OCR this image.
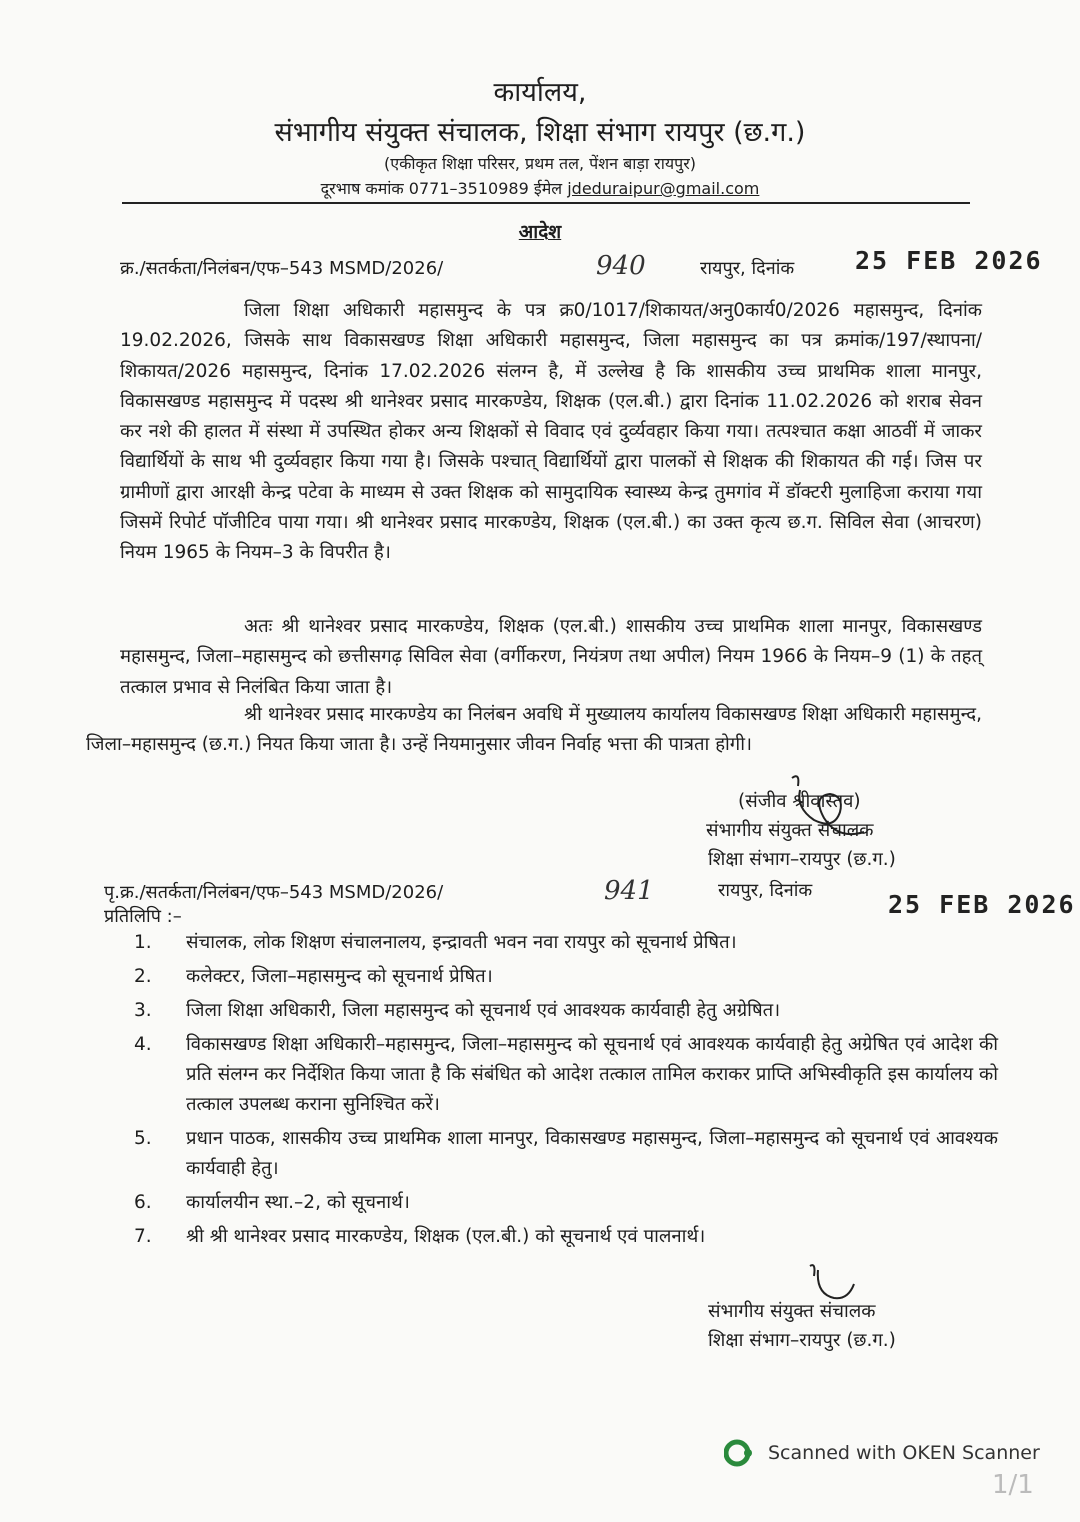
कार्यालय,
संभागीय संयुक्त संचालक, शिक्षा संभाग रायपुर (छ.ग.)
(एकीकृत शिक्षा परिसर, प्रथम तल, पेंशन बाड़ा रायपुर)
दूरभाष कमांक 0771–3510989 ईमेल jdeduraipur@gmail.com
आदेश
क्र./सतर्कता/निलंबन/एफ–543 MSMD/2026/	940	रायपुर, दिनांक 25 FEB 2026
जिला शिक्षा अधिकारी महासमुन्द के पत्र क्र0/1017/शिकायत/अनु0कार्य0/2026 महासमुन्द, दिनांक 19.02.2026, जिसके साथ विकासखण्ड शिक्षा अधिकारी महासमुन्द, जिला महासमुन्द का पत्र क्रमांक/197/स्थापना/शिकायत/2026 महासमुन्द, दिनांक 17.02.2026 संलग्न है, में उल्लेख है कि शासकीय उच्च प्राथमिक शाला मानपुर, विकासखण्ड महासमुन्द में पदस्थ श्री थानेश्वर प्रसाद मारकण्डेय, शिक्षक (एल.बी.) द्वारा दिनांक 11.02.2026 को शराब सेवन कर नशे की हालत में संस्था में उपस्थित होकर अन्य शिक्षकों से विवाद एवं दुर्व्यवहार किया गया। तत्पश्चात कक्षा आठवीं में जाकर विद्यार्थियों के साथ भी दुर्व्यवहार किया गया है। जिसके पश्चात् विद्यार्थियों द्वारा पालकों से शिक्षक की शिकायत की गई। जिस पर ग्रामीणों द्वारा आरक्षी केन्द्र पटेवा के माध्यम से उक्त शिक्षक को सामुदायिक स्वास्थ्य केन्द्र तुमगांव में डॉक्टरी मुलाहिजा कराया गया जिसमें रिपोर्ट पॉजीटिव पाया गया। श्री थानेश्वर प्रसाद मारकण्डेय, शिक्षक (एल.बी.) का उक्त कृत्य छ.ग. सिविल सेवा (आचरण) नियम 1965 के नियम–3 के विपरीत है।
अतः श्री थानेश्वर प्रसाद मारकण्डेय, शिक्षक (एल.बी.) शासकीय उच्च प्राथमिक शाला मानपुर, विकासखण्ड महासमुन्द, जिला–महासमुन्द को छत्तीसगढ़ सिविल सेवा (वर्गीकरण, नियंत्रण तथा अपील) नियम 1966 के नियम–9 (1) के तहत् तत्काल प्रभाव से निलंबित किया जाता है।
श्री थानेश्वर प्रसाद मारकण्डेय का निलंबन अवधि में मुख्यालय कार्यालय विकासखण्ड शिक्षा अधिकारी महासमुन्द, जिला–महासमुन्द (छ.ग.) नियत किया जाता है। उन्हें नियमानुसार जीवन निर्वाह भत्ता की पात्रता होगी।
(संजीव श्रीवास्तव)
संभागीय संयुक्त संचालक
शिक्षा संभाग–रायपुर (छ.ग.)
पृ.क्र./सतर्कता/निलंबन/एफ–543 MSMD/2026/	941	रायपुर, दिनांक	25 FEB 2026
प्रतिलिपि :–
1.	संचालक, लोक शिक्षण संचालनालय, इन्द्रावती भवन नवा रायपुर को सूचनार्थ प्रेषित।
2.	कलेक्टर, जिला–महासमुन्द को सूचनार्थ प्रेषित।
3.	जिला शिक्षा अधिकारी, जिला महासमुन्द को सूचनार्थ एवं आवश्यक कार्यवाही हेतु अग्रेषित।
4.	विकासखण्ड शिक्षा अधिकारी–महासमुन्द, जिला–महासमुन्द को सूचनार्थ एवं आवश्यक कार्यवाही हेतु अग्रेषित एवं आदेश की प्रति संलग्न कर निर्देशित किया जाता है कि संबंधित को आदेश तत्काल तामिल कराकर प्राप्ति अभिस्वीकृति इस कार्यालय को तत्काल उपलब्ध कराना सुनिश्चित करें।
5.	प्रधान पाठक, शासकीय उच्च प्राथमिक शाला मानपुर, विकासखण्ड महासमुन्द, जिला–महासमुन्द को सूचनार्थ एवं आवश्यक कार्यवाही हेतु।
6.	कार्यालयीन स्था.–2, को सूचनार्थ।
7.	श्री श्री थानेश्वर प्रसाद मारकण्डेय, शिक्षक (एल.बी.) को सूचनार्थ एवं पालनार्थ।
संभागीय संयुक्त संचालक
शिक्षा संभाग–रायपुर (छ.ग.)
Scanned with OKEN Scanner
1/1
